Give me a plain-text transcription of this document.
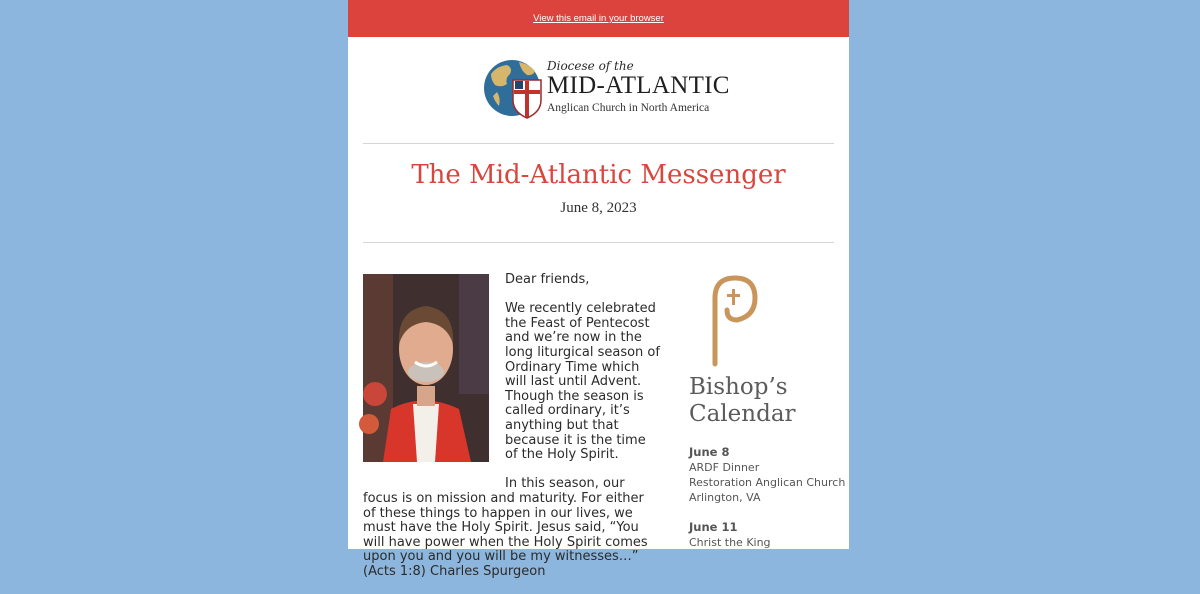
View this email in your browser
Diocese of the
MID-ATLANTIC
Anglican Church in North America
The Mid-Atlantic Messenger
June 8, 2023

Dear friends,

We recently celebrated the Feast of Pentecost and we’re now in the long liturgical season of Ordinary Time which will last until Advent. Though the season is called ordinary, it’s anything but that because it is the time of the Holy Spirit.

In this season, our focus is on mission and maturity. For either of these things to happen in our lives, we must have the Holy Spirit. Jesus said, “You will have power when the Holy Spirit comes upon you and you will be my witnesses…” (Acts 1:8) Charles Spurgeon

Bishop’s Calendar
June 8
ARDF Dinner
Restoration Anglican Church
Arlington, VA
June 11
Christ the King
